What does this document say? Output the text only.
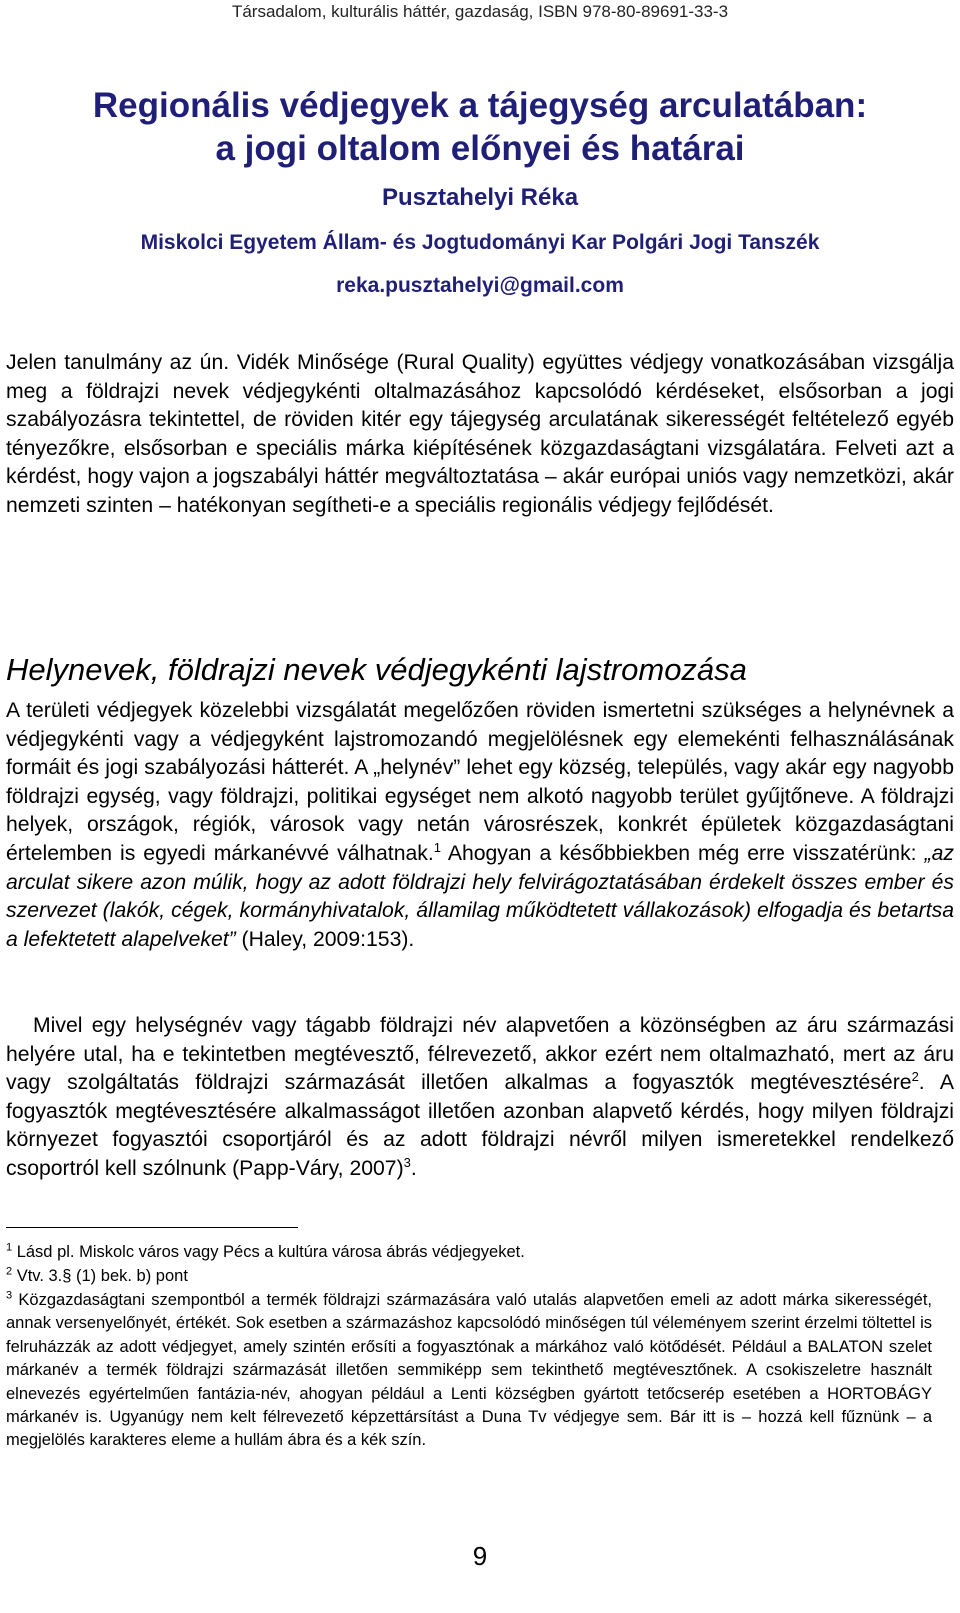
Társadalom, kulturális háttér, gazdaság, ISBN 978-80-89691-33-3
Regionális védjegyek a tájegység arculatában:
a jogi oltalom előnyei és határai
Pusztahelyi Réka
Miskolci Egyetem Állam- és Jogtudományi Kar Polgári Jogi Tanszék
reka.pusztahelyi@gmail.com
Jelen tanulmány az ún. Vidék Minősége (Rural Quality) együttes védjegy vonatkozásában vizsgálja meg a földrajzi nevek védjegykénti oltalmazásához kapcsolódó kérdéseket, elsősorban a jogi szabályozásra tekintettel, de röviden kitér egy tájegység arculatának sikerességét feltételező egyéb tényezőkre, elsősorban e speciális márka kiépítésének közgazdaságtani vizsgálatára. Felveti azt a kérdést, hogy vajon a jogszabályi háttér megváltoztatása – akár európai uniós vagy nemzetközi, akár nemzeti szinten – hatékonyan segítheti-e a speciális regionális védjegy fejlődését.
Helynevek, földrajzi nevek védjegykénti lajstromozása
A területi védjegyek közelebbi vizsgálatát megelőzően röviden ismertetni szükséges a helynévnek a védjegykénti vagy a védjegyként lajstromozandó megjelölésnek egy elemekénti felhasználásának formáit és jogi szabályozási hátterét. A „helynév” lehet egy község, település, vagy akár egy nagyobb földrajzi egység, vagy földrajzi, politikai egységet nem alkotó nagyobb terület gyűjtőneve. A földrajzi helyek, országok, régiók, városok vagy netán városrészek, konkrét épületek közgazdaságtani értelemben is egyedi márkanévvé válhatnak.$^1$ Ahogyan a későbbiekben még erre visszatérünk: „az arculat sikere azon múlik, hogy az adott földrajzi hely felvirágoztatásában érdekelt összes ember és szervezet (lakók, cégek, kormányhivatalok, államilag működtetett vállakozások) elfogadja és betartsa a lefektetett alapelveket” (Haley, 2009:153).
Mivel egy helységnév vagy tágabb földrajzi név alapvetően a közönségben az áru származási helyére utal, ha e tekintetben megtévesztő, félrevezető, akkor ezért nem oltalmazható, mert az áru vagy szolgáltatás földrajzi származását illetően alkalmas a fogyasztók megtévesztésére$^2$. A fogyasztók megtévesztésére alkalmasságot illetően azonban alapvető kérdés, hogy milyen földrajzi környezet fogyasztói csoportjáról és az adott földrajzi névről milyen ismeretekkel rendelkező csoportról kell szólnunk (Papp-Váry, 2007)$^3$.
$^1$ Lásd pl. Miskolc város vagy Pécs a kultúra városa ábrás védjegyeket.
$^2$ Vtv. 3.§ (1) bek. b) pont
$^3$ Közgazdaságtani szempontból a termék földrajzi származására való utalás alapvetően emeli az adott márka sikerességét, annak versenyelőnyét, értékét. Sok esetben a származáshoz kapcsolódó minőségen túl véleményem szerint érzelmi töltettel is felruházzák az adott védjegyet, amely szintén erősíti a fogyasztónak a márkához való kötődését. Például a BALATON szelet márkanév a termék földrajzi származását illetően semmiképp sem tekinthető megtévesztőnek. A csokiszeletre használt elnevezés egyértelműen fantázia-név, ahogyan például a Lenti községben gyártott tetőcserép esetében a HORTOBÁGY márkanév is. Ugyanúgy nem kelt félrevezető képzettársítást a Duna Tv védjegye sem. Bár itt is – hozzá kell fűznünk – a megjelölés karakteres eleme a hullám ábra és a kék szín.
9
